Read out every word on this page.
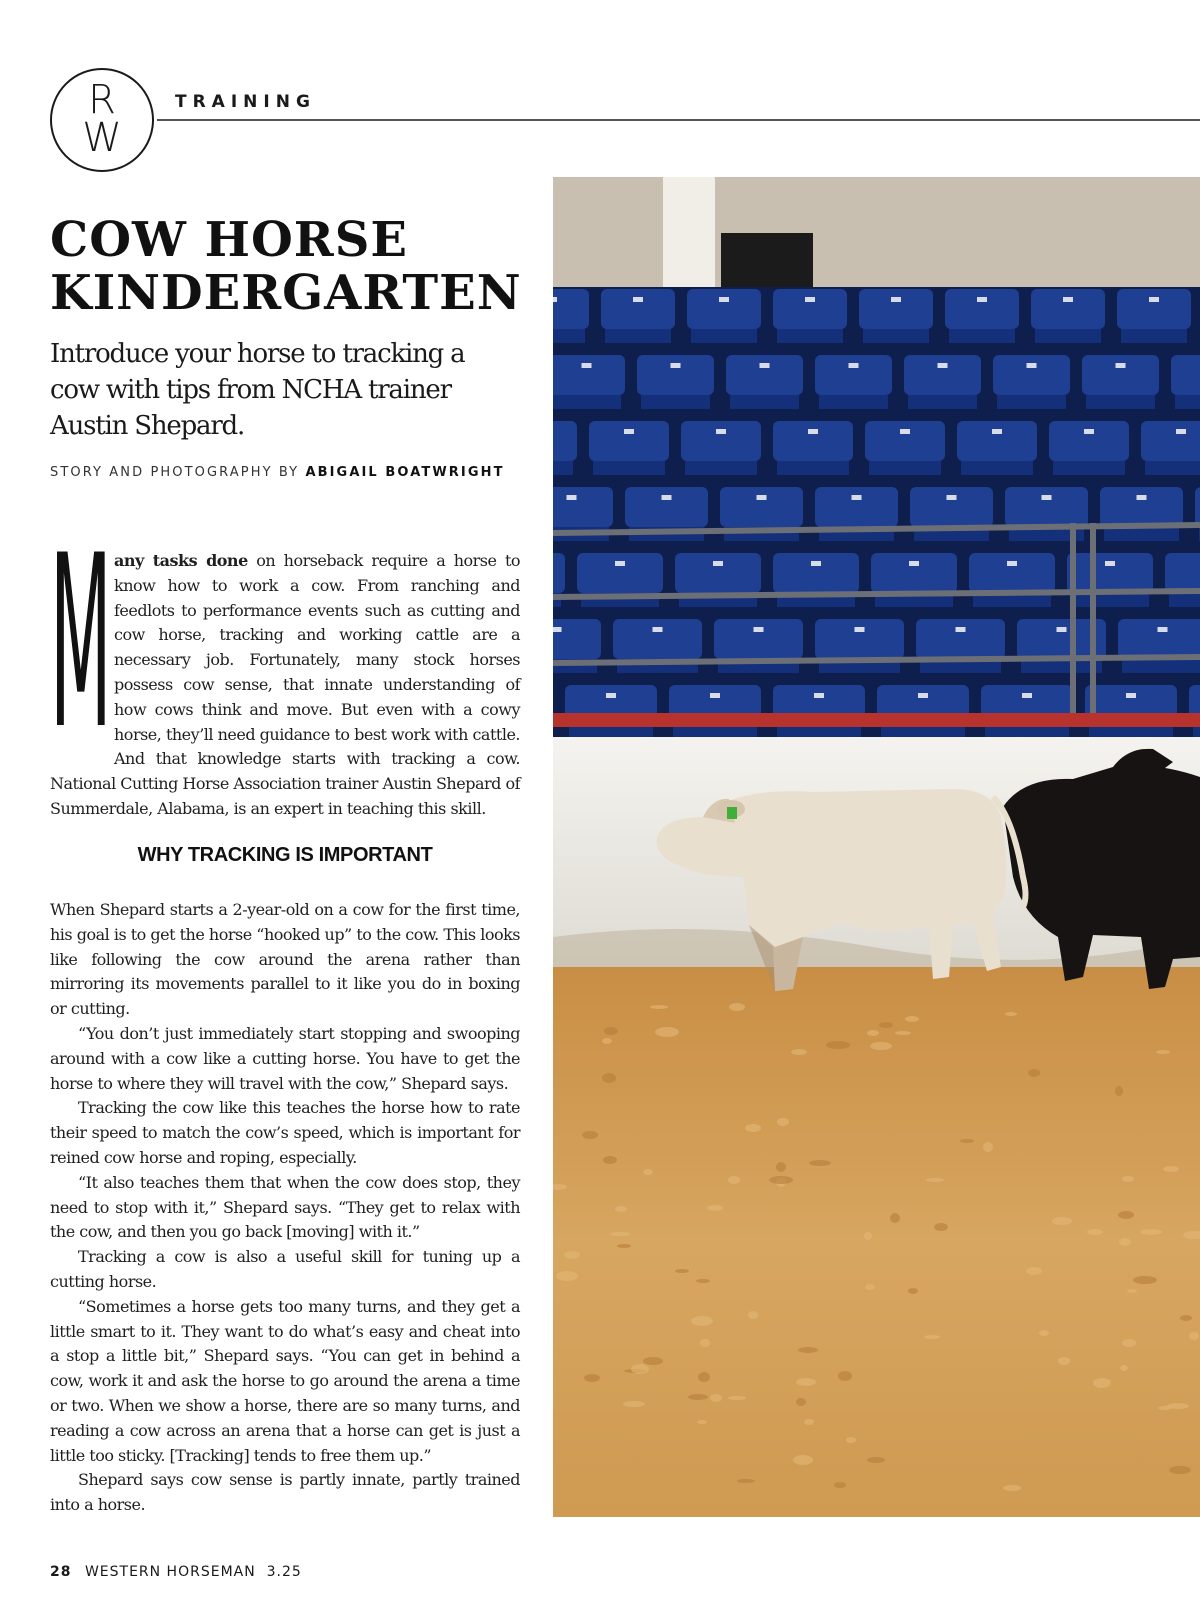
R
W
TRAINING
COW HORSE KINDERGARTEN
Introduce your horse to tracking a cow with tips from NCHA trainer Austin Shepard.
STORY AND PHOTOGRAPHY BY ABIGAIL BOATWRIGHT
M any tasks done on horseback require a horse to know how to work a cow. From ranching and feedlots to performance events such as cutting and cow horse, tracking and working cattle are a necessary job. Fortunately, many stock horses possess cow sense, that innate understanding of how cows think and move. But even with a cowy horse, they’ll need guidance to best work with cattle. And that knowledge starts with tracking a cow. National Cutting Horse Association trainer Austin Shepard of Summerdale, Alabama, is an expert in teaching this skill.
WHY TRACKING IS IMPORTANT

When Shepard starts a 2-year-old on a cow for the first time, his goal is to get the horse “hooked up” to the cow. This looks like following the cow around the arena rather than mirroring its movements parallel to it like you do in boxing or cutting.

“You don’t just immediately start stopping and swooping around with a cow like a cutting horse. You have to get the horse to where they will travel with the cow,” Shepard says.

Tracking the cow like this teaches the horse how to rate their speed to match the cow’s speed, which is important for reined cow horse and roping, especially.

“It also teaches them that when the cow does stop, they need to stop with it,” Shepard says. “They get to relax with the cow, and then you go back [moving] with it.”

Tracking a cow is also a useful skill for tuning up a cutting horse.

“Sometimes a horse gets too many turns, and they get a little smart to it. They want to do what’s easy and cheat into a stop a little bit,” Shepard says. “You can get in behind a cow, work it and ask the horse to go around the arena a time or two. When we show a horse, there are so many turns, and reading a cow across an arena that a horse can get is just a little too sticky. [Tracking] tends to free them up.”

Shepard says cow sense is partly innate, partly trained into a horse.

28 WESTERN HORSEMAN 3.25
